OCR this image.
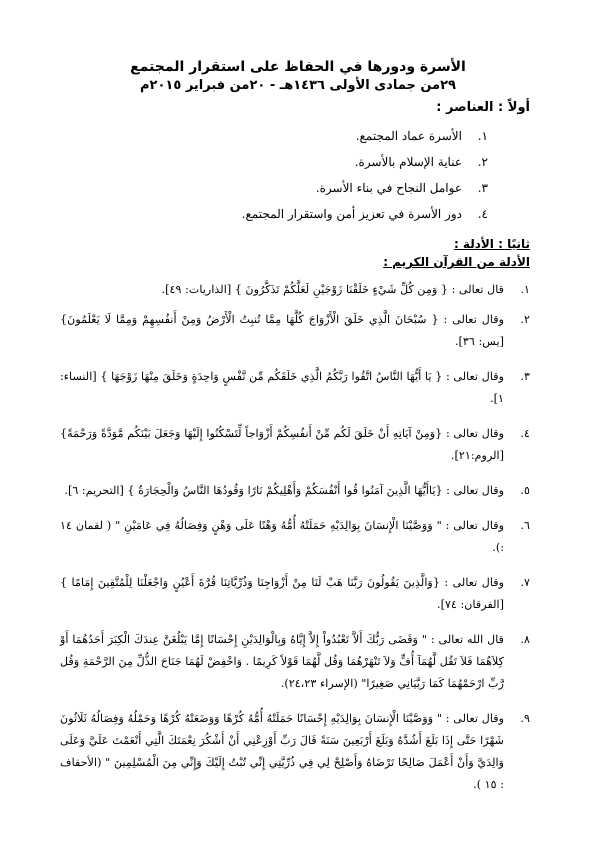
الأسرة ودورها في الحفاظ على استقرار المجتمع
٢٩من جمادى الأولى ١٤٣٦هـ - ٢٠من فبراير ٢٠١٥م
أولاً : العناصر :
١.
الأسرة عماد المجتمع.
٢.
عناية الإسلام بالأسرة.
٣.
عوامل النجاح في بناء الأسرة.
٤.
دور الأسرة في تعزيز أمن واستقرار المجتمع.
ثانيًا : الأدلة :
الأدلة من القرآن الكريم :
١.
قال تعالى : { وَمِن كُلِّ شَيْءٍ خَلَقْنَا زَوْجَيْنِ لَعَلَّكُمْ تَذَكَّرُونَ } [الذاريات: ٤٩].
٢.
وقال تعالى : { سُبْحَانَ الَّذِي خَلَقَ الْأَزْوَاجَ كُلَّهَا مِمَّا تُنبِتُ الْأَرْضُ وَمِنْ أَنفُسِهِمْ وَمِمَّا لَا يَعْلَمُونَ} [يس: ٣٦].
٣.
وقال تعالى : { يَا أَيُّهَا النَّاسُ اتَّقُوا رَبَّكُمُ الَّذِي خَلَقَكُم مِّن نَّفْسٍ وَاحِدَةٍ وَخَلَقَ مِنْهَا زَوْجَهَا } [النساء: ١].
٤.
وقال تعالى : {وَمِنْ آيَاتِهِ أَنْ خَلَقَ لَكُم مِّنْ أَنفُسِكُمْ أَزْوَاجاً لِّتَسْكُنُوا إِلَيْهَا وَجَعَلَ بَيْنَكُم مَّوَدَّةً وَرَحْمَةً} [الروم:٢١].
٥.
وقال تعالى : {يَاأَيُّهَا الَّذِينَ آمَنُوا قُوا أَنْفُسَكُمْ وَأَهْلِيكُمْ نَارًا وَقُودُهَا النَّاسُ وَالْحِجَارَةُ } [التحريم: ٦].
٦.
وقال تعالى : " وَوَصَّيْنَا الْإِنسَانَ بِوَالِدَيْهِ حَمَلَتْهُ أُمُّهُ وَهْنًا عَلَى وَهْنٍ وَفِصَالُهُ فِي عَامَيْنِ " ( لقمان ١٤ :).
٧.
وقال تعالى : {وَالَّذِينَ يَقُولُونَ رَبَّنَا هَبْ لَنَا مِنْ أَزْوَاجِنَا وَذُرِّيَّاتِنَا قُرَّةَ أَعْيُنٍ وَاجْعَلْنَا لِلْمُتَّقِينَ إِمَامًا } [الفرقان: ٧٤].
٨.
قال الله تعالى : " وَقَضَى رَبُّكَ أَلاَّ تَعْبُدُواْ إِلاَّ إِيَّاهُ وَبِالْوَالِدَيْنِ إِحْسَانًا إِمَّا يَبْلُغَنَّ عِندَكَ الْكِبَرَ أَحَدُهُمَا أَوْ كِلاَهُمَا فَلاَ تَقُل لَّهُمَآ أُفٍّ وَلاَ تَنْهَرْهُمَا وَقُل لَّهُمَا قَوْلاً كَرِيمًا . وَاخْفِضْ لَهُمَا جَنَاحَ الذُّلِّ مِنَ الرَّحْمَةِ وَقُل رَّبِّ ارْحَمْهُمَا كَمَا رَبَّيَانِي صَغِيرًا" (الإسراء ٢٤،٢٣).
٩.
وقال تعالى : " وَوَصَّيْنَا الْإِنسَانَ بِوَالِدَيْهِ إِحْسَانًا حَمَلَتْهُ أُمُّهُ كُرْهًا وَوَضَعَتْهُ كُرْهًا وَحَمْلُهُ وَفِصَالُهُ ثَلَاثُونَ شَهْرًا حَتَّى إِذَا بَلَغَ أَشُدَّهُ وَبَلَغَ أَرْبَعِينَ سَنَةً قَالَ رَبِّ أَوْزِعْنِي أَنْ أَشْكُرَ نِعْمَتَكَ الَّتِي أَنْعَمْتَ عَلَيَّ وَعَلَى وَالِدَيَّ وَأَنْ أَعْمَلَ صَالِحًا تَرْضَاهُ وَأَصْلِحْ لِي فِي ذُرِّيَّتِي إِنِّي تُبْتُ إِلَيْكَ وَإِنِّي مِنَ الْمُسْلِمِينَ " (الأحقاف : ١٥ ).
